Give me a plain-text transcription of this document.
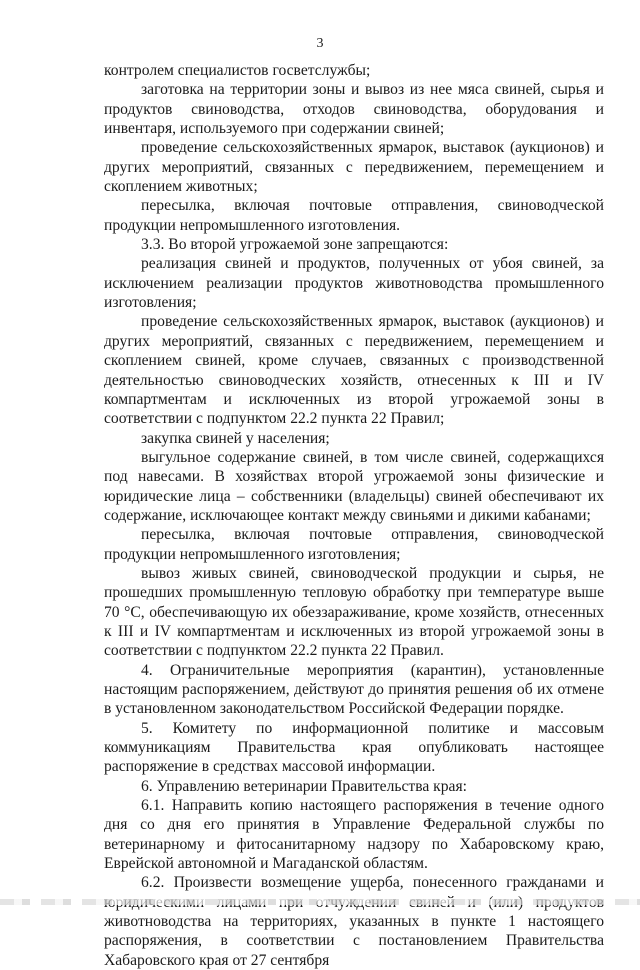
3

контролем специалистов госветслужбы;

заготовка на территории зоны и вывоз из нее мяса свиней, сырья и продуктов свиноводства, отходов свиноводства, оборудования и инвентаря, используемого при содержании свиней;

проведение сельскохозяйственных ярмарок, выставок (аукционов) и других мероприятий, связанных с передвижением, перемещением и скоплением животных;

пересылка, включая почтовые отправления, свиноводческой продукции непромышленного изготовления.

3.3. Во второй угрожаемой зоне запрещаются:

реализация свиней и продуктов, полученных от убоя свиней, за исключением реализации продуктов животноводства промышленного изготовления;

проведение сельскохозяйственных ярмарок, выставок (аукционов) и других мероприятий, связанных с передвижением, перемещением и скоплением свиней, кроме случаев, связанных с производственной деятельностью свиноводческих хозяйств, отнесенных к III и IV компартментам и исключенных из второй угрожаемой зоны в соответствии с подпунктом 22.2 пункта 22 Правил;

закупка свиней у населения;

выгульное содержание свиней, в том числе свиней, содержащихся под навесами. В хозяйствах второй угрожаемой зоны физические и юридические лица – собственники (владельцы) свиней обеспечивают их содержание, исключающее контакт между свиньями и дикими кабанами;

пересылка, включая почтовые отправления, свиноводческой продукции непромышленного изготовления;

вывоз живых свиней, свиноводческой продукции и сырья, не прошедших промышленную тепловую обработку при температуре выше 70 °C, обеспечивающую их обеззараживание, кроме хозяйств, отнесенных к III и IV компартментам и исключенных из второй угрожаемой зоны в соответствии с подпунктом 22.2 пункта 22 Правил.

4. Ограничительные мероприятия (карантин), установленные настоящим распоряжением, действуют до принятия решения об их отмене в установленном законодательством Российской Федерации порядке.

5. Комитету по информационной политике и массовым коммуникациям Правительства края опубликовать настоящее распоряжение в средствах массовой информации.

6. Управлению ветеринарии Правительства края:

6.1. Направить копию настоящего распоряжения в течение одного дня со дня его принятия в Управление Федеральной службы по ветеринарному и фитосанитарному надзору по Хабаровскому краю, Еврейской автономной и Магаданской областям.

6.2. Произвести возмещение ущерба, понесенного гражданами и животноводства на территориях, указанных в пункте 1 настоящего распоряжения, в соответствии с постановлением Правительства Хабаровского края от 27 сентября
